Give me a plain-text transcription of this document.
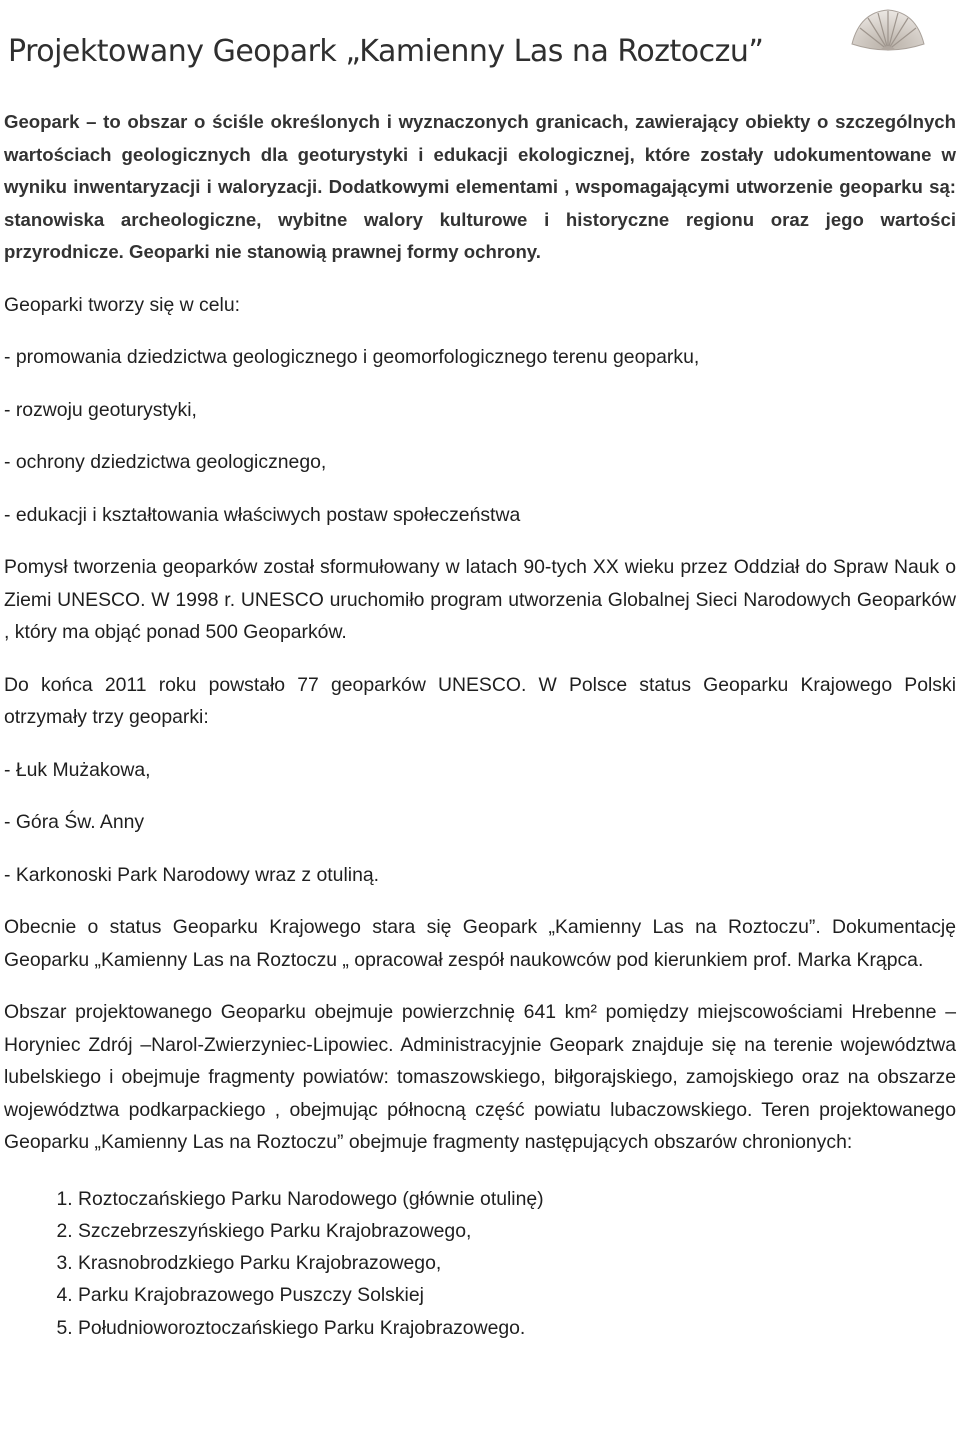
Projektowany Geopark „Kamienny Las na Roztoczu”

Geopark – to obszar o ściśle określonych i wyznaczonych granicach, zawierający obiekty o szczególnych wartościach geologicznych dla geoturystyki i edukacji ekologicznej, które zostały udokumentowane w wyniku inwentaryzacji i waloryzacji. Dodatkowymi elementami , wspomagającymi utworzenie geoparku są: stanowiska archeologiczne, wybitne walory kulturowe i historyczne regionu oraz jego wartości przyrodnicze. Geoparki nie stanowią prawnej formy ochrony.

Geoparki tworzy się w celu:

- promowania dziedzictwa geologicznego i geomorfologicznego terenu geoparku,

- rozwoju geoturystyki,

- ochrony dziedzictwa geologicznego,

- edukacji i kształtowania właściwych postaw społeczeństwa

Pomysł tworzenia geoparków został sformułowany w latach 90-tych XX wieku przez Oddział do Spraw Nauk o Ziemi UNESCO. W 1998 r. UNESCO uruchomiło program utworzenia Globalnej Sieci Narodowych Geoparków , który ma objąć ponad 500 Geoparków.

Do końca 2011 roku powstało 77 geoparków UNESCO. W Polsce status Geoparku Krajowego Polski otrzymały trzy geoparki:

- Łuk Mużakowa,

- Góra Św. Anny

- Karkonoski Park Narodowy wraz z otuliną.

Obecnie o status Geoparku Krajowego stara się Geopark „Kamienny Las na Roztoczu”. Dokumentację Geoparku „Kamienny Las na Roztoczu „ opracował zespół naukowców pod kierunkiem prof. Marka Krąpca.

Obszar projektowanego Geoparku obejmuje powierzchnię 641 km² pomiędzy miejscowościami Hrebenne –Horyniec Zdrój –Narol-Zwierzyniec-Lipowiec. Administracyjnie Geopark znajduje się na terenie województwa lubelskiego i obejmuje fragmenty powiatów: tomaszowskiego, biłgorajskiego, zamojskiego oraz na obszarze województwa podkarpackiego , obejmując północną część powiatu lubaczowskiego. Teren projektowanego Geoparku „Kamienny Las na Roztoczu” obejmuje fragmenty następujących obszarów chronionych:

1. Roztoczańskiego Parku Narodowego (głównie otulinę)
2. Szczebrzeszyńskiego Parku Krajobrazowego,
3. Krasnobrodzkiego Parku Krajobrazowego,
4. Parku Krajobrazowego Puszczy Solskiej
5. Południoworoztoczańskiego Parku Krajobrazowego.
